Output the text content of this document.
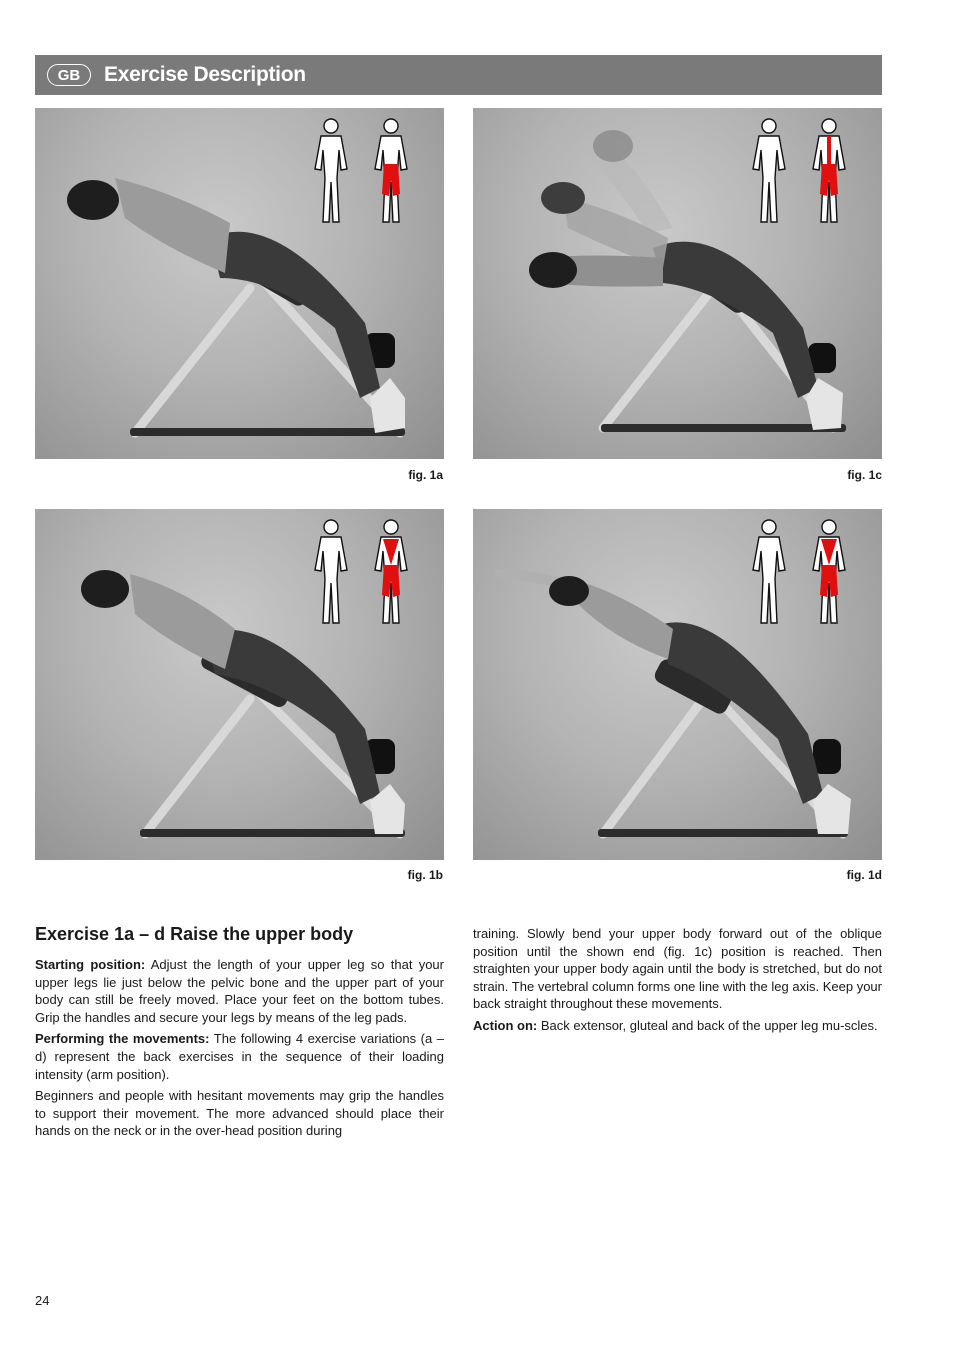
GB	Exercise Description
fig. 1a	fig. 1c
fig. 1b	fig. 1d
Exercise 1a – d Raise the upper body

Starting position: Adjust the length of your upper leg so that your upper legs lie just below the pelvic bone and the upper part of your body can still be freely moved. Place your feet on the bottom tubes. Grip the handles and secure your legs by means of the leg pads.

Performing the movements: The following 4 exercise variations (a – d) represent the back exercises in the sequence of their loading intensity (arm position).

Beginners and people with hesitant movements may grip the handles to support their movement. The more advanced should place their hands on the neck or in the over-head position during

training. Slowly bend your upper body forward out of the oblique position until the shown end (fig. 1c) position is reached. Then straighten your upper body again until the body is stretched, but do not strain. The vertebral column forms one line with the leg axis. Keep your back straight throughout these movements.

Action on: Back extensor, gluteal and back of the upper leg mu-scles.

24
